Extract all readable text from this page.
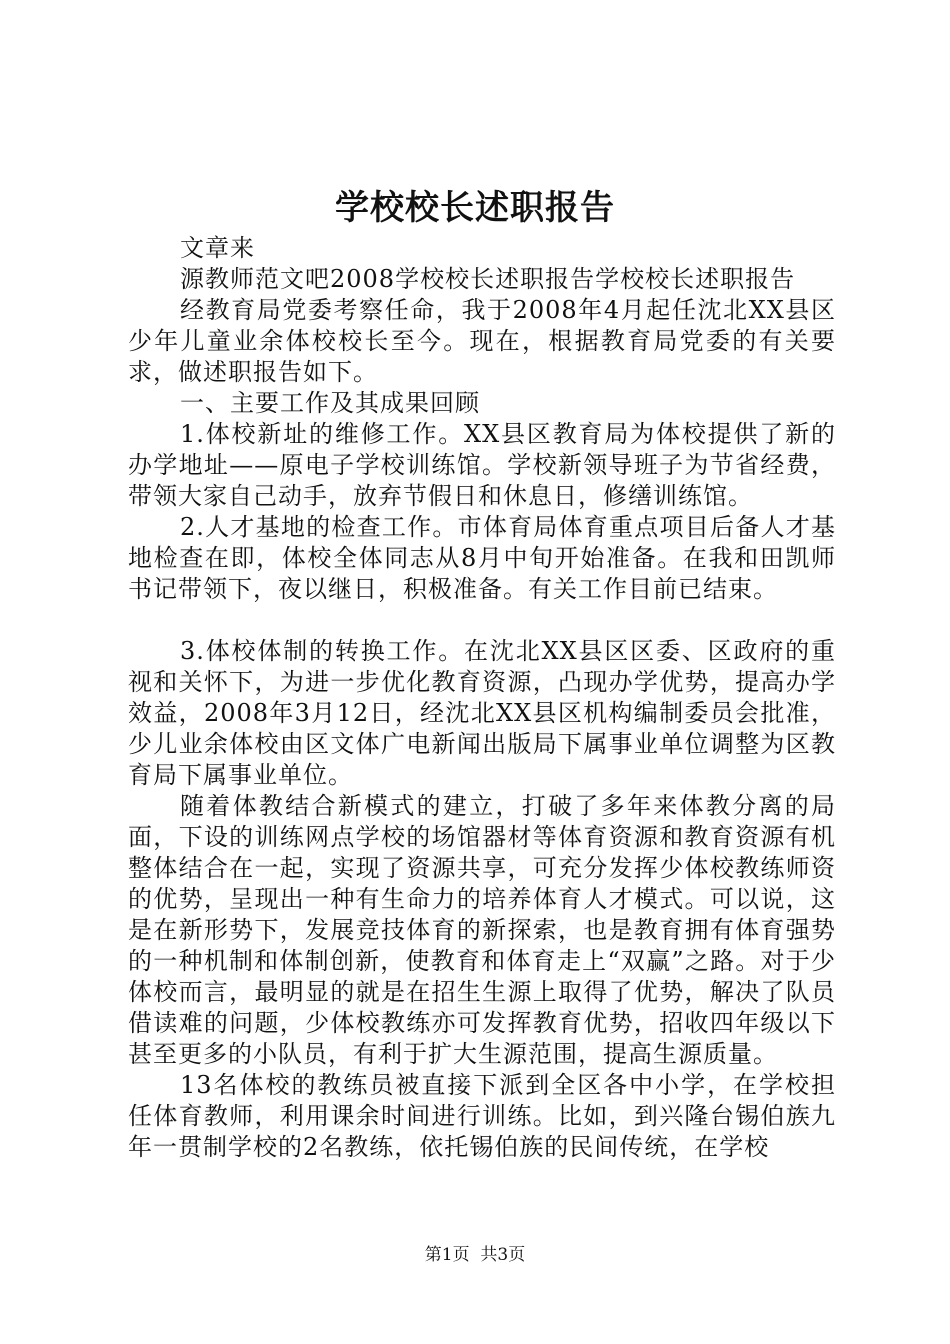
学校校长述职报告

文章来

源教师范文吧2008学校校长述职报告学校校长述职报告

经教育局党委考察任命，我于2008年4月起任沈北XX县区少年儿童业余体校校长至今。现在，根据教育局党委的有关要求，做述职报告如下。

一、主要工作及其成果回顾

1.体校新址的维修工作。XX县区教育局为体校提供了新的办学地址——原电子学校训练馆。学校新领导班子为节省经费，带领大家自己动手，放弃节假日和休息日，修缮训练馆。

2.人才基地的检查工作。市体育局体育重点项目后备人才基地检查在即，体校全体同志从8月中旬开始准备。在我和田凯师书记带领下，夜以继日，积极准备。有关工作目前已结束。

3.体校体制的转换工作。在沈北XX县区区委、区政府的重视和关怀下，为进一步优化教育资源，凸现办学优势，提高办学效益，2008年3月12日，经沈北XX县区机构编制委员会批准，少儿业余体校由区文体广电新闻出版局下属事业单位调整为区教育局下属事业单位。

随着体教结合新模式的建立，打破了多年来体教分离的局面，下设的训练网点学校的场馆器材等体育资源和教育资源有机整体结合在一起，实现了资源共享，可充分发挥少体校教练师资的优势，呈现出一种有生命力的培养体育人才模式。可以说，这是在新形势下，发展竞技体育的新探索，也是教育拥有体育强势的一种机制和体制创新，使教育和体育走上“双赢”之路。对于少体校而言，最明显的就是在招生生源上取得了优势，解决了队员借读难的问题，少体校教练亦可发挥教育优势，招收四年级以下甚至更多的小队员，有利于扩大生源范围，提高生源质量。

13名体校的教练员被直接下派到全区各中小学，在学校担任体育教师，利用课余时间进行训练。比如，到兴隆台锡伯族九年一贯制学校的2名教练，依托锡伯族的民间传统，在学校

第1页 共3页
